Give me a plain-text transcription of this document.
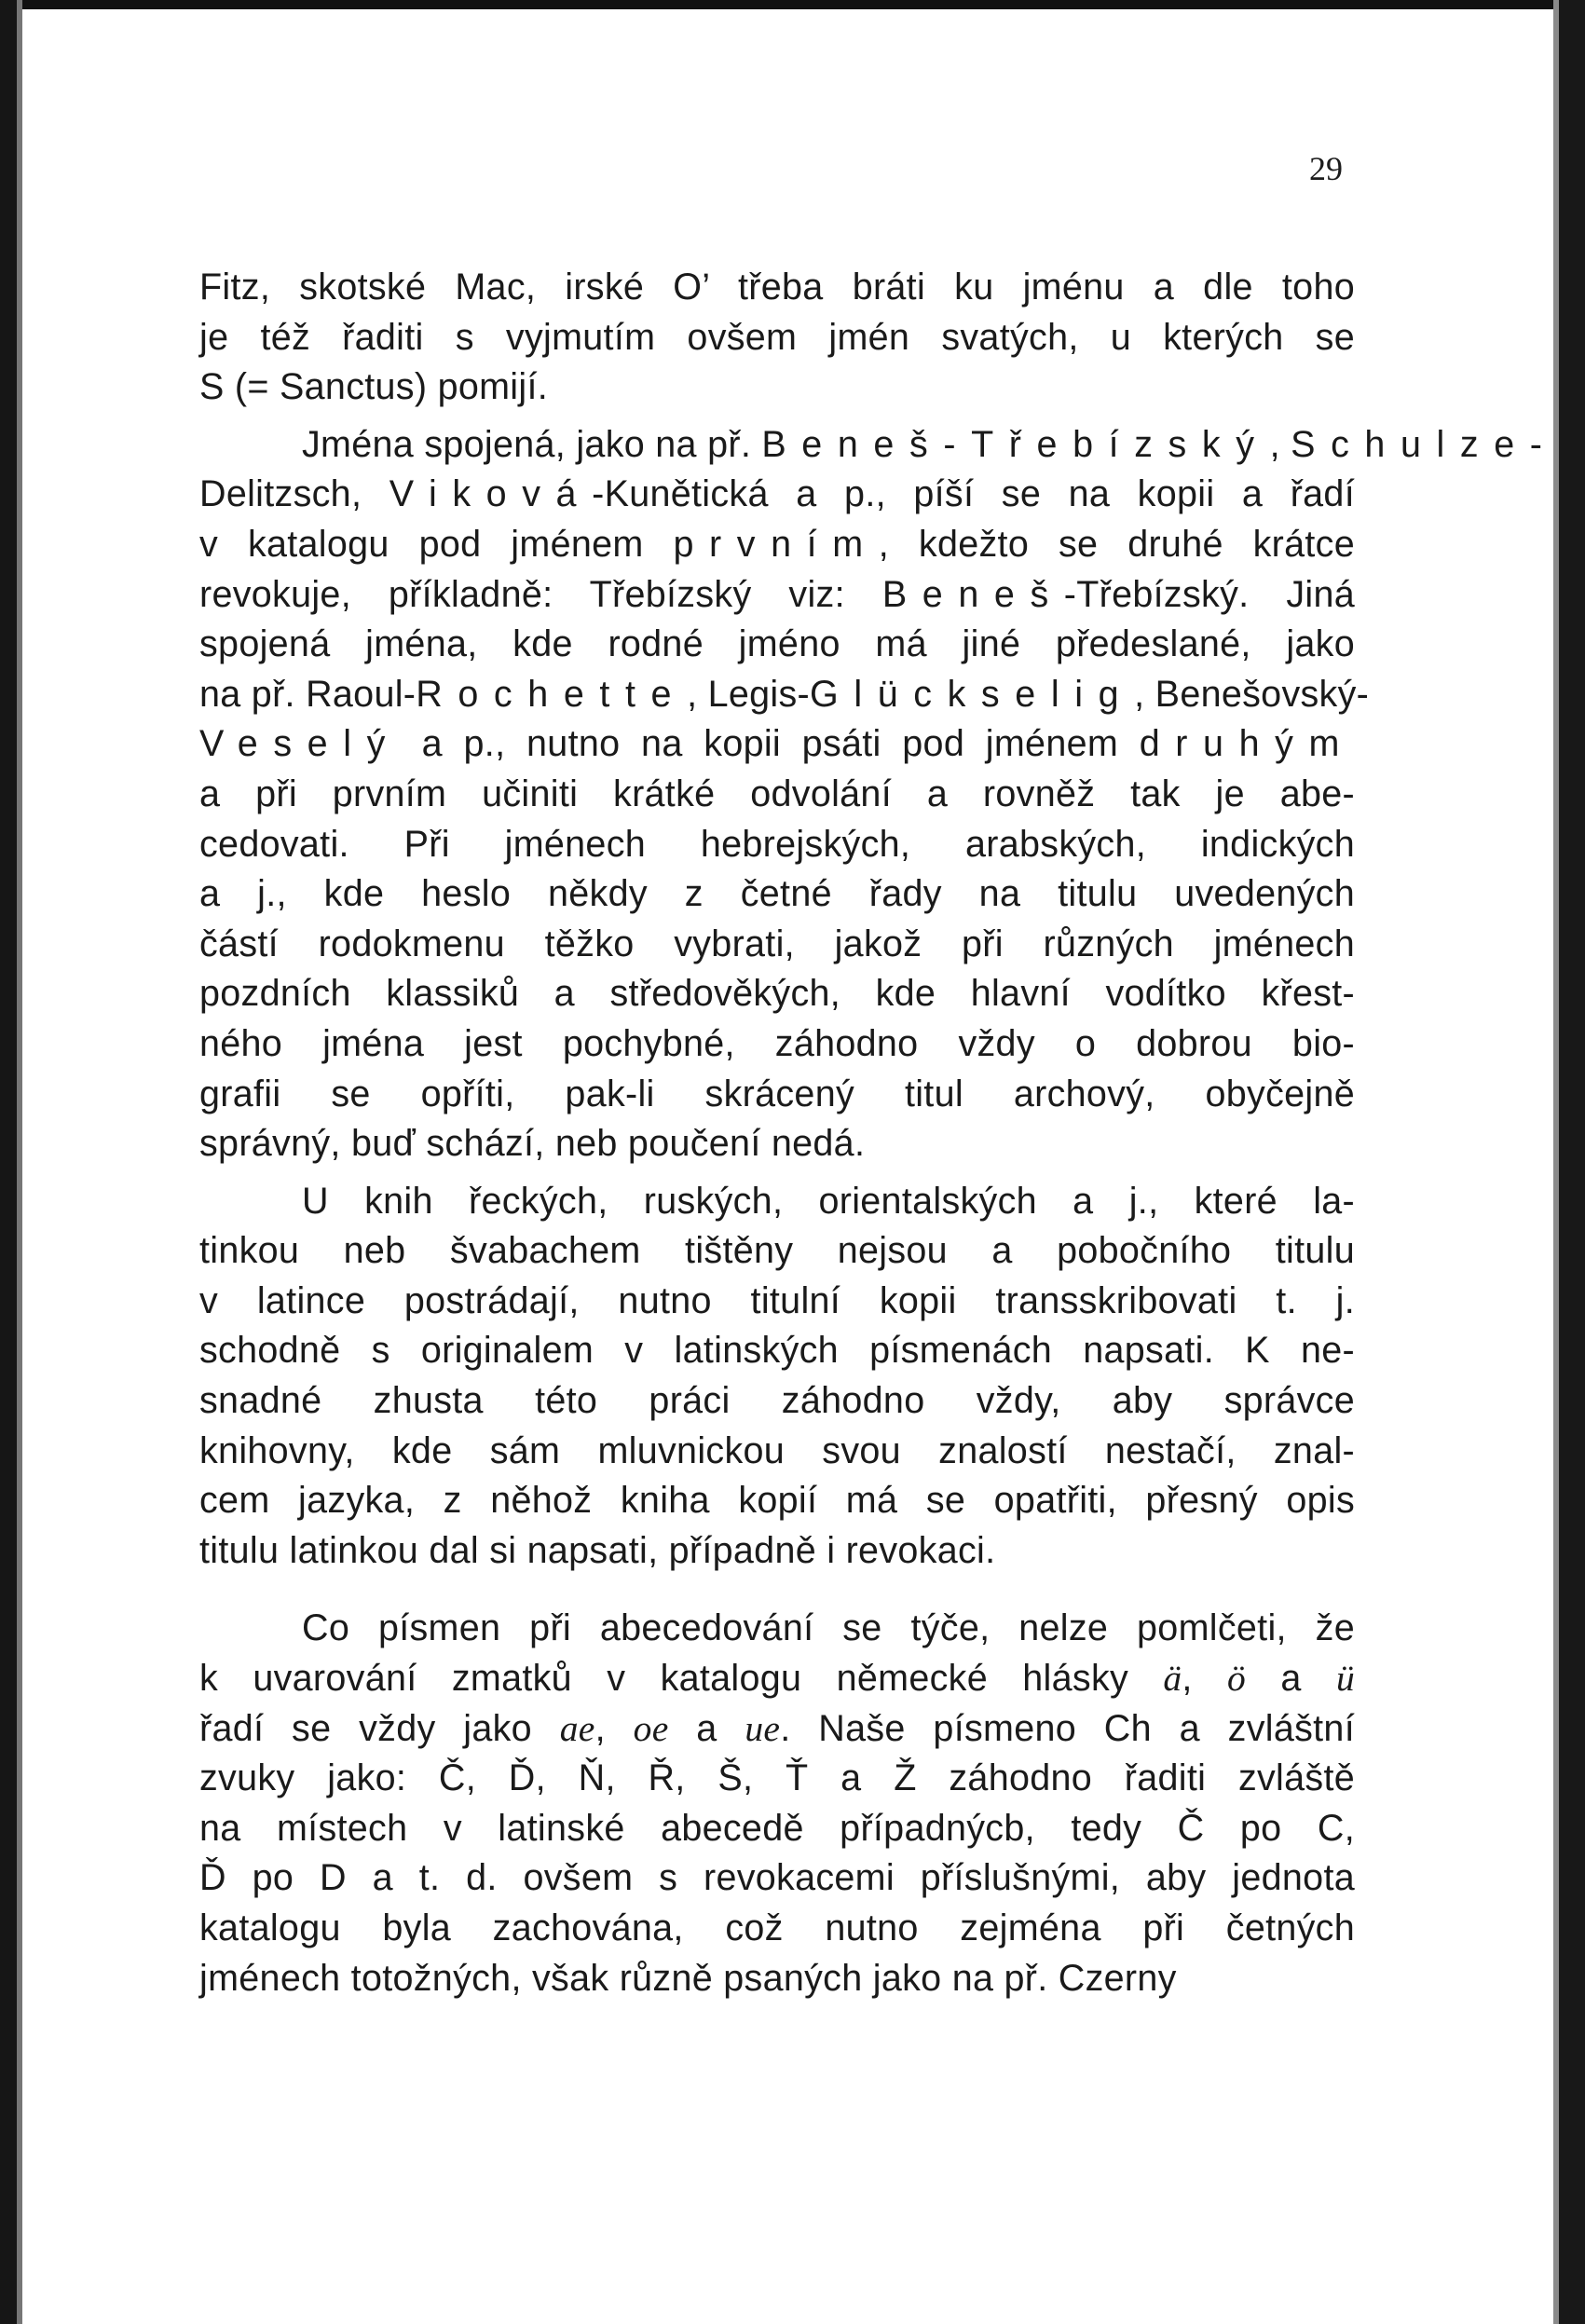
29
Fitz, skotské Mac, irské O’ třeba bráti ku jménu a dle toho
je též řaditi s vyjmutím ovšem jmén svatých, u kterých se
S (= Sanctus) pomijí.
Jména spojená, jako na př. Beneš-Třebízský, Schulze-
Delitzsch, Viková-Kunětická a p., píší se na kopii a řadí
v katalogu pod jménem prvním, kdežto se druhé krátce
revokuje, příkladně: Třebízský viz: Beneš-Třebízský. Jiná
spojená jména, kde rodné jméno má jiné předeslané, jako
na př. Raoul-Rochette, Legis-Glückselig, Benešovský-
Veselý a p., nutno na kopii psáti pod jménem druhým
a při prvním učiniti krátké odvolání a rovněž tak je abe-
cedovati. Při jménech hebrejských, arabských, indických
a j., kde heslo někdy z četné řady na titulu uvedených
částí rodokmenu těžko vybrati, jakož při různých jménech
pozdních klassiků a středověkých, kde hlavní vodítko křest-
ného jména jest pochybné, záhodno vždy o dobrou bio-
grafii se opříti, pak-li skrácený titul archový, obyčejně
správný, buď schází, neb poučení nedá.
U knih řeckých, ruských, orientalských a j., které la-
tinkou neb švabachem tištěny nejsou a pobočního titulu
v latince postrádají, nutno titulní kopii transskribovati t. j.
schodně s originalem v latinských písmenách napsati. K ne-
snadné zhusta této práci záhodno vždy, aby správce
knihovny, kde sám mluvnickou svou znalostí nestačí, znal-
cem jazyka, z něhož kniha kopií má se opatřiti, přesný opis
titulu latinkou dal si napsati, případně i revokaci.
Co písmen při abecedování se týče, nelze pomlčeti, že
k uvarování zmatků v katalogu německé hlásky ä, ö a ü
řadí se vždy jako ae, oe a ue. Naše písmeno Ch a zvláštní
zvuky jako: Č, Ď, Ň, Ř, Š, Ť a Ž záhodno řaditi zvláště
na místech v latinské abecedě případnýcb, tedy Č po C,
Ď po D a t. d. ovšem s revokacemi příslušnými, aby jednota
katalogu byla zachována, což nutno zejména při četných
jménech totožných, však různě psaných jako na př. Czerny
